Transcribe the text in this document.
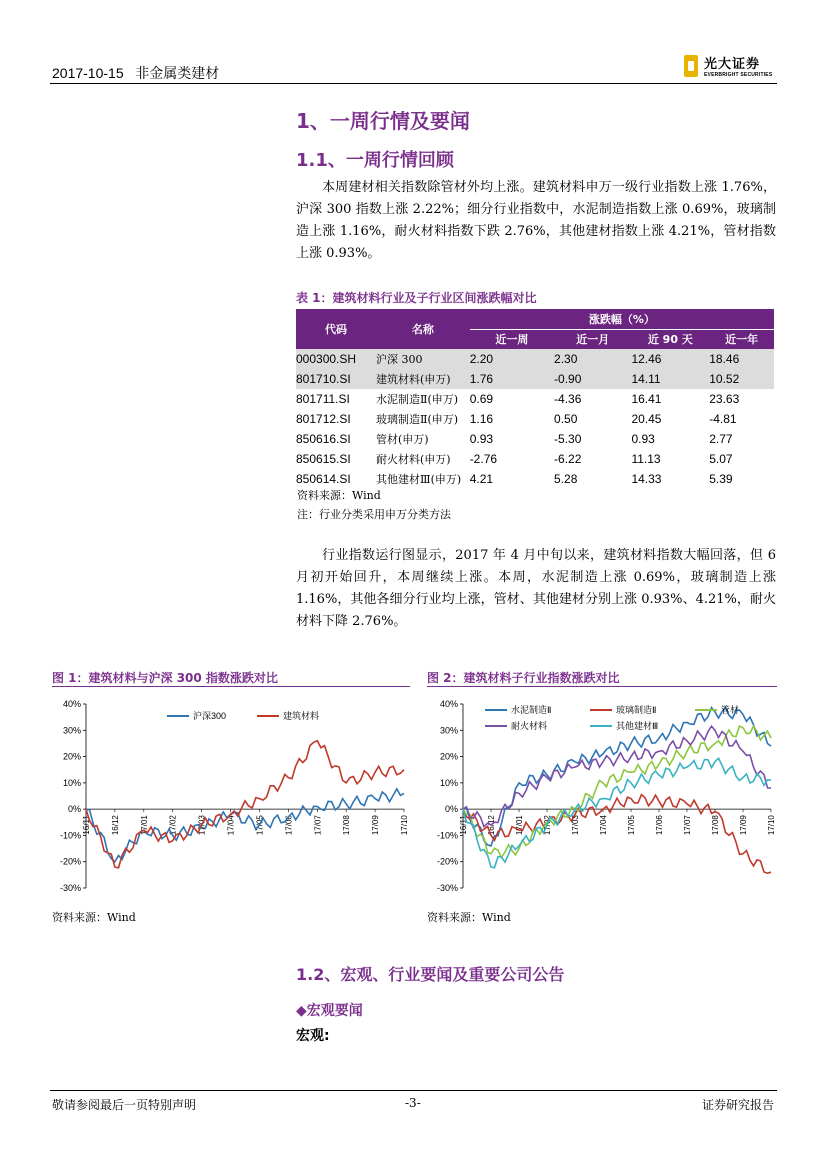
2017-10-15 非金属类建材
光大证券
EVERBRIGHT SECURITIES
1、一周行情及要闻
1.1、一周行情回顾
本周建材相关指数除管材外均上涨。建筑材料申万一级行业指数上涨 1.76%，沪深 300 指数上涨 2.22%；细分行业指数中，水泥制造指数上涨 0.69%，玻璃制造上涨 1.16%，耐火材料指数下跌 2.76%，其他建材指数上涨 4.21%，管材指数上涨 0.93%。
表 1：建筑材料行业及子行业区间涨跌幅对比
代码	名称	涨跌幅（%）			
		近一周	近一月	近 90 天	近一年
000300.SH	沪深 300	2.20	2.30	12.46	18.46
801710.SI	建筑材料(申万)	1.76	-0.90	14.11	10.52
801711.SI	水泥制造Ⅱ(申万)	0.69	-4.36	16.41	23.63
801712.SI	玻璃制造Ⅱ(申万)	1.16	0.50	20.45	-4.81
850616.SI	管材(申万)	0.93	-5.30	0.93	2.77
850615.SI	耐火材料(申万)	-2.76	-6.22	11.13	5.07
850614.SI	其他建材Ⅲ(申万)	4.21	5.28	14.33	5.39
资料来源：Wind
注：行业分类采用申万分类方法
行业指数运行图显示，2017 年 4 月中旬以来，建筑材料指数大幅回落，但 6 月初开始回升，本周继续上涨。本周，水泥制造上涨 0.69%，玻璃制造上涨 1.16%，其他各细分行业均上涨，管材、其他建材分别上涨 0.93%、4.21%，耐火材料下降 2.76%。
图 1：建筑材料与沪深 300 指数涨跌对比	图 2：建筑材料子行业指数涨跌对比
40%
30%
20%
10%
0%
-10%
-20%
-30%
16/11 16/12 17/01 17/02 17/03 17/04 17/05 17/06 17/07 17/08 17/09 17/10
沪深300	建筑材料
40%
30%
20%
10%
0%
-10%
-20%
-30%
16/11 16/12 17/01 17/02 17/03 17/04 17/05 17/06 17/07 17/08 17/09 17/10
水泥制造Ⅱ	玻璃制造Ⅱ	管材
耐火材料	其他建材Ⅲ
资料来源：Wind	资料来源：Wind
1.2、宏观、行业要闻及重要公司公告
◆宏观要闻
宏观:
敬请参阅最后一页特别声明	-3-	证券研究报告
